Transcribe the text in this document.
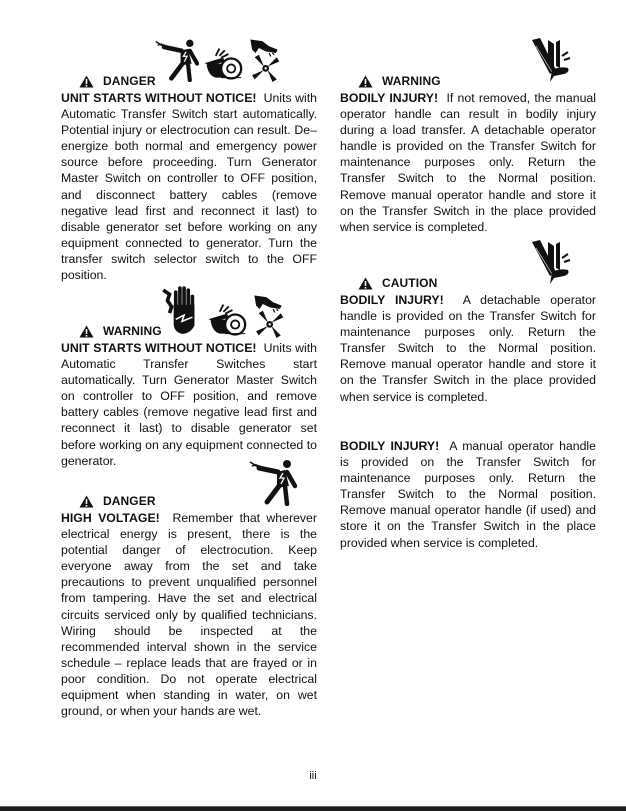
DANGER

UNIT STARTS WITHOUT NOTICE! Units with Automatic Transfer Switch start automatically. Potential injury or electrocution can result. De–energize both normal and emergency power source before proceeding. Turn Generator Master Switch on controller to OFF position, and disconnect battery cables (remove negative lead first and reconnect it last) to disable generator set before working on any equipment connected to generator. Turn the transfer switch selector switch to the OFF position.

WARNING

UNIT STARTS WITHOUT NOTICE! Units with Automatic Transfer Switches start automatically. Turn Generator Master Switch on controller to OFF position, and remove battery cables (remove negative lead first and reconnect it last) to disable generator set before working on any equipment connected to generator.

DANGER

HIGH VOLTAGE! Remember that wherever electrical energy is present, there is the potential danger of electrocution. Keep everyone away from the set and take precautions to prevent unqualified personnel from tampering. Have the set and electrical circuits serviced only by qualified technicians. Wiring should be inspected at the recommended interval shown in the service schedule – replace leads that are frayed or in poor condition. Do not operate electrical equipment when standing in water, on wet ground, or when your hands are wet.

WARNING

BODILY INJURY! If not removed, the manual operator handle can result in bodily injury during a load transfer. A detachable operator handle is provided on the Transfer Switch for maintenance purposes only. Return the Transfer Switch to the Normal position. Remove manual operator handle and store it on the Transfer Switch in the place provided when service is completed.

CAUTION

BODILY INJURY! A detachable operator handle is provided on the Transfer Switch for maintenance purposes only. Return the Transfer Switch to the Normal position. Remove manual operator handle and store it on the Transfer Switch in the place provided when service is completed.

BODILY INJURY! A manual operator handle is provided on the Transfer Switch for maintenance purposes only. Return the Transfer Switch to the Normal position. Remove manual operator handle (if used) and store it on the Transfer Switch in the place provided when service is completed.

iii
